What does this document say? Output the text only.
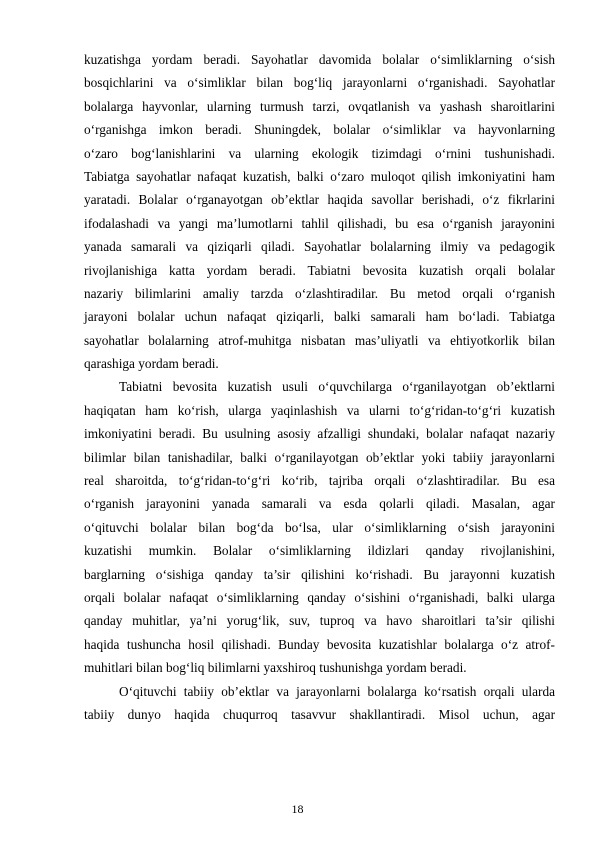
kuzatishga yordam beradi. Sayohatlar davomida bolalar o‘simliklarning o‘sish
bosqichlarini va o‘simliklar bilan bog‘liq jarayonlarni o‘rganishadi. Sayohatlar
bolalarga hayvonlar, ularning turmush tarzi, ovqatlanish va yashash sharoitlarini
o‘rganishga imkon beradi. Shuningdek, bolalar o‘simliklar va hayvonlarning
o‘zaro bog‘lanishlarini va ularning ekologik tizimdagi o‘rnini tushunishadi.
Tabiatga sayohatlar nafaqat kuzatish, balki o‘zaro muloqot qilish imkoniyatini ham
yaratadi. Bolalar o‘rganayotgan ob’ektlar haqida savollar berishadi, o‘z fikrlarini
ifodalashadi va yangi ma’lumotlarni tahlil qilishadi, bu esa o‘rganish jarayonini
yanada samarali va qiziqarli qiladi. Sayohatlar bolalarning ilmiy va pedagogik
rivojlanishiga katta yordam beradi. Tabiatni bevosita kuzatish orqali bolalar
nazariy bilimlarini amaliy tarzda o‘zlashtiradilar. Bu metod orqali o‘rganish
jarayoni bolalar uchun nafaqat qiziqarli, balki samarali ham bo‘ladi. Tabiatga
sayohatlar bolalarning atrof-muhitga nisbatan mas’uliyatli va ehtiyotkorlik bilan
qarashiga yordam beradi.
Tabiatni bevosita kuzatish usuli o‘quvchilarga o‘rganilayotgan ob’ektlarni
haqiqatan ham ko‘rish, ularga yaqinlashish va ularni to‘g‘ridan-to‘g‘ri kuzatish
imkoniyatini beradi. Bu usulning asosiy afzalligi shundaki, bolalar nafaqat nazariy
bilimlar bilan tanishadilar, balki o‘rganilayotgan ob’ektlar yoki tabiiy jarayonlarni
real sharoitda, to‘g‘ridan-to‘g‘ri ko‘rib, tajriba orqali o‘zlashtiradilar. Bu esa
o‘rganish jarayonini yanada samarali va esda qolarli qiladi. Masalan, agar
o‘qituvchi bolalar bilan bog‘da bo‘lsa, ular o‘simliklarning o‘sish jarayonini
kuzatishi mumkin. Bolalar o‘simliklarning ildizlari qanday rivojlanishini,
barglarning o‘sishiga qanday ta’sir qilishini ko‘rishadi. Bu jarayonni kuzatish
orqali bolalar nafaqat o‘simliklarning qanday o‘sishini o‘rganishadi, balki ularga
qanday muhitlar, ya’ni yorug‘lik, suv, tuproq va havo sharoitlari ta’sir qilishi
haqida tushuncha hosil qilishadi. Bunday bevosita kuzatishlar bolalarga o‘z atrof-
muhitlari bilan bog‘liq bilimlarni yaxshiroq tushunishga yordam beradi.
O‘qituvchi tabiiy ob’ektlar va jarayonlarni bolalarga ko‘rsatish orqali ularda
tabiiy dunyo haqida chuqurroq tasavvur shakllantiradi. Misol uchun, agar
18
